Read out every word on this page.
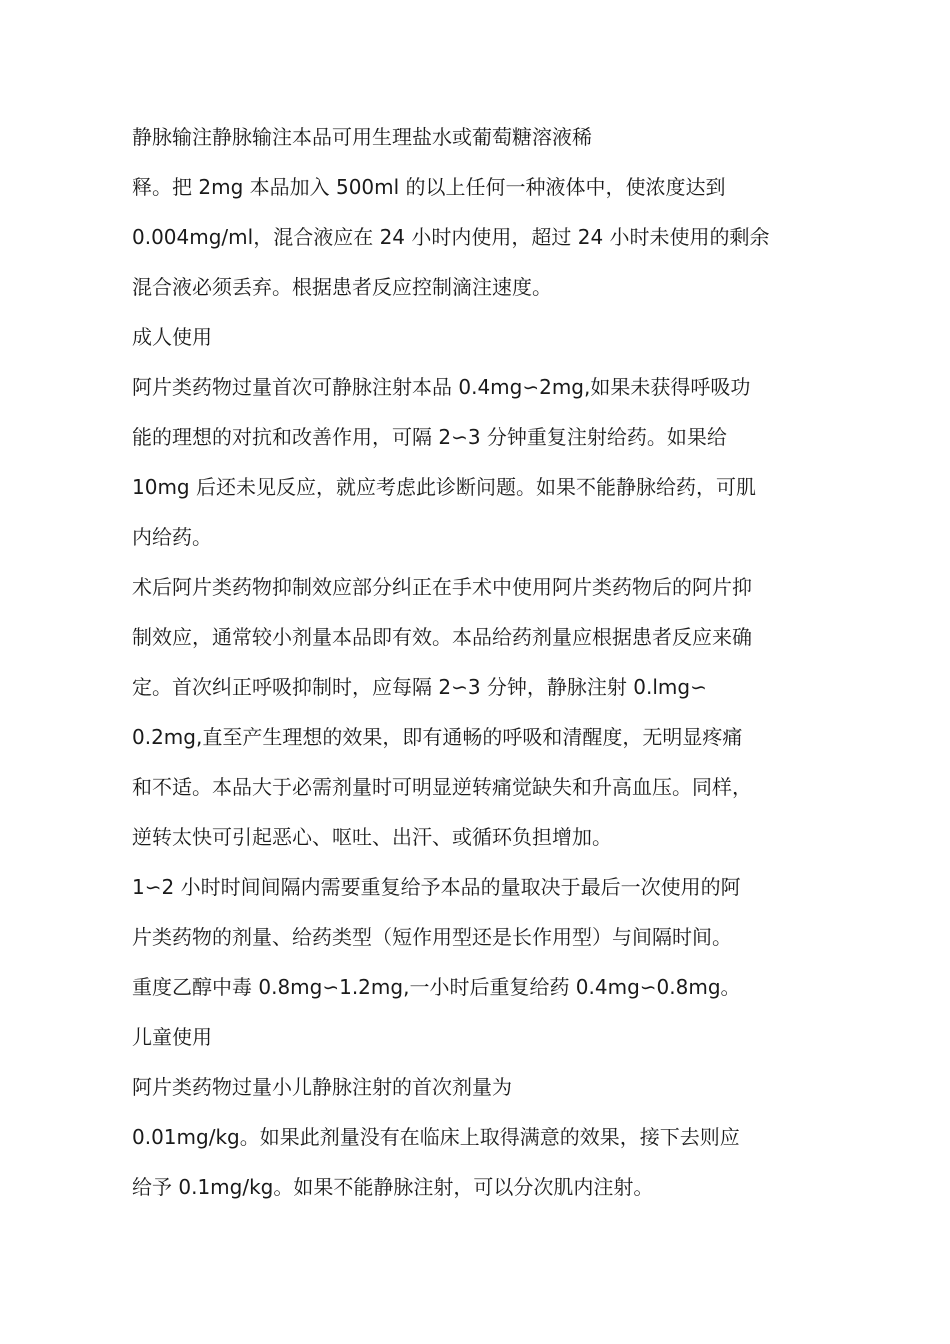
静脉输注静脉输注本品可用生理盐水或葡萄糖溶液稀
释。把 2mg 本品加入 500ml 的以上任何一种液体中，使浓度达到
0.004mg/ml，混合液应在 24 小时内使用，超过 24 小时未使用的剩余
混合液必须丢弃。根据患者反应控制滴注速度。
成人使用
阿片类药物过量首次可静脉注射本品 0.4mg∽2mg,如果未获得呼吸功
能的理想的对抗和改善作用，可隔 2∽3 分钟重复注射给药。如果给
10mg 后还未见反应，就应考虑此诊断问题。如果不能静脉给药，可肌
内给药。
术后阿片类药物抑制效应部分纠正在手术中使用阿片类药物后的阿片抑
制效应，通常较小剂量本品即有效。本品给药剂量应根据患者反应来确
定。首次纠正呼吸抑制时，应每隔 2∽3 分钟，静脉注射 0.lmg∽
0.2mg,直至产生理想的效果，即有通畅的呼吸和清醒度，无明显疼痛
和不适。本品大于必需剂量时可明显逆转痛觉缺失和升高血压。同样，
逆转太快可引起恶心、呕吐、出汗、或循环负担增加。
1∽2 小时时间间隔内需要重复给予本品的量取决于最后一次使用的阿
片类药物的剂量、给药类型（短作用型还是长作用型）与间隔时间。
重度乙醇中毒 0.8mg∽1.2mg,一小时后重复给药 0.4mg∽0.8mg。
儿童使用
阿片类药物过量小儿静脉注射的首次剂量为
0.01mg/kg。如果此剂量没有在临床上取得满意的效果，接下去则应
给予 0.1mg/kg。如果不能静脉注射，可以分次肌内注射。
